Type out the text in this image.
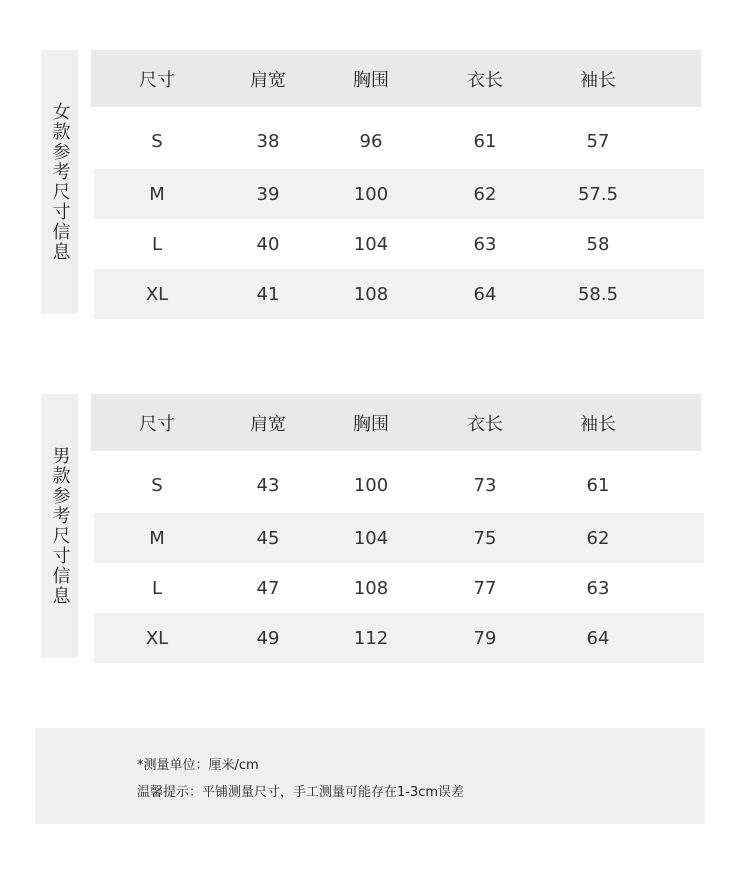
女款参考尺寸信息
尺寸	肩宽	胸围	衣长	袖长
S	38	96	61	57
M	39	100	62	57.5
L	40	104	63	58
XL	41	108	64	58.5
男款参考尺寸信息
尺寸	肩宽	胸围	衣长	袖长
S	43	100	73	61
M	45	104	75	62
L	47	108	77	63
XL	49	112	79	64
*测量单位：厘米/cm
温馨提示：平铺测量尺寸，手工测量可能存在1-3cm误差
